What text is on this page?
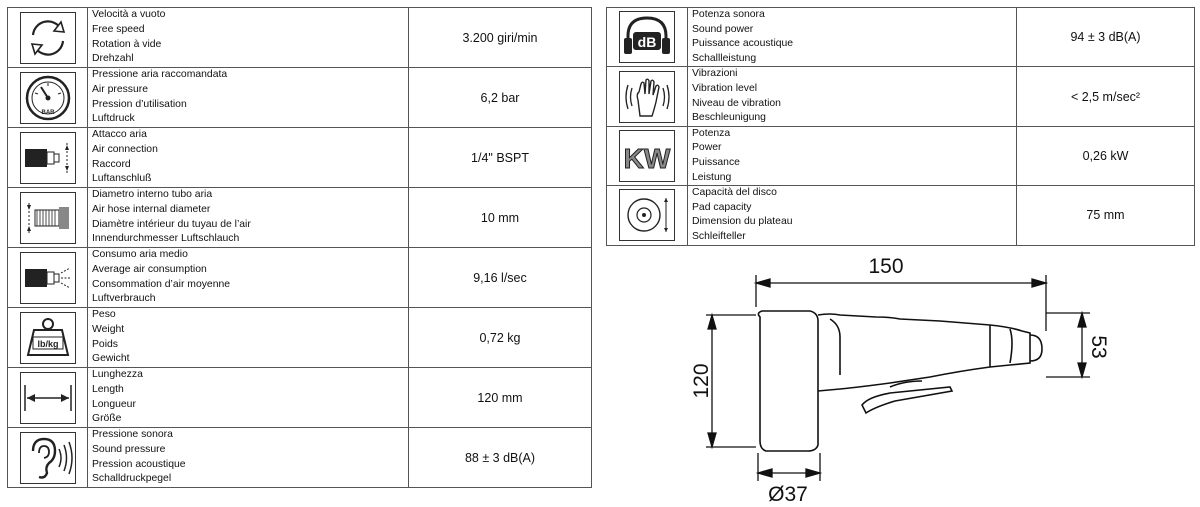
Velocità a vuoto
Free speed
Rotation à vide
Drehzahl	3.200 giri/min

BAR	Pressione aria raccomandata
Air pressure
Pression d’utilisation
Luftdruck	6,2 bar

Attacco aria
Air connection
Raccord
Luftanschluß	1/4" BSPT

Diametro interno tubo aria
Air hose internal diameter
Diamètre intérieur du tuyau de l’air
Innendurchmesser Luftschlauch	10 mm

Consumo aria medio
Average air consumption
Consommation d’air moyenne
Luftverbrauch	9,16 l/sec

lb/kg	Peso
Weight
Poids
Gewicht	0,72 kg

Lunghezza
Length
Longueur
Größe	120 mm

Pressione sonora
Sound pressure
Pression acoustique
Schalldruckpegel	88 ± 3 dB(A)
dB	Potenza sonora
Sound power
Puissance acoustique
Schallleistung	94 ± 3 dB(A)

Vibrazioni
Vibration level
Niveau de vibration
Beschleunigung	< 2,5 m/sec²

KW	Potenza
Power
Puissance
Leistung	0,26 kW

Capacità del disco
Pad capacity
Dimension du plateau
Schleifteller	75 mm
150
120
53
Ø37
